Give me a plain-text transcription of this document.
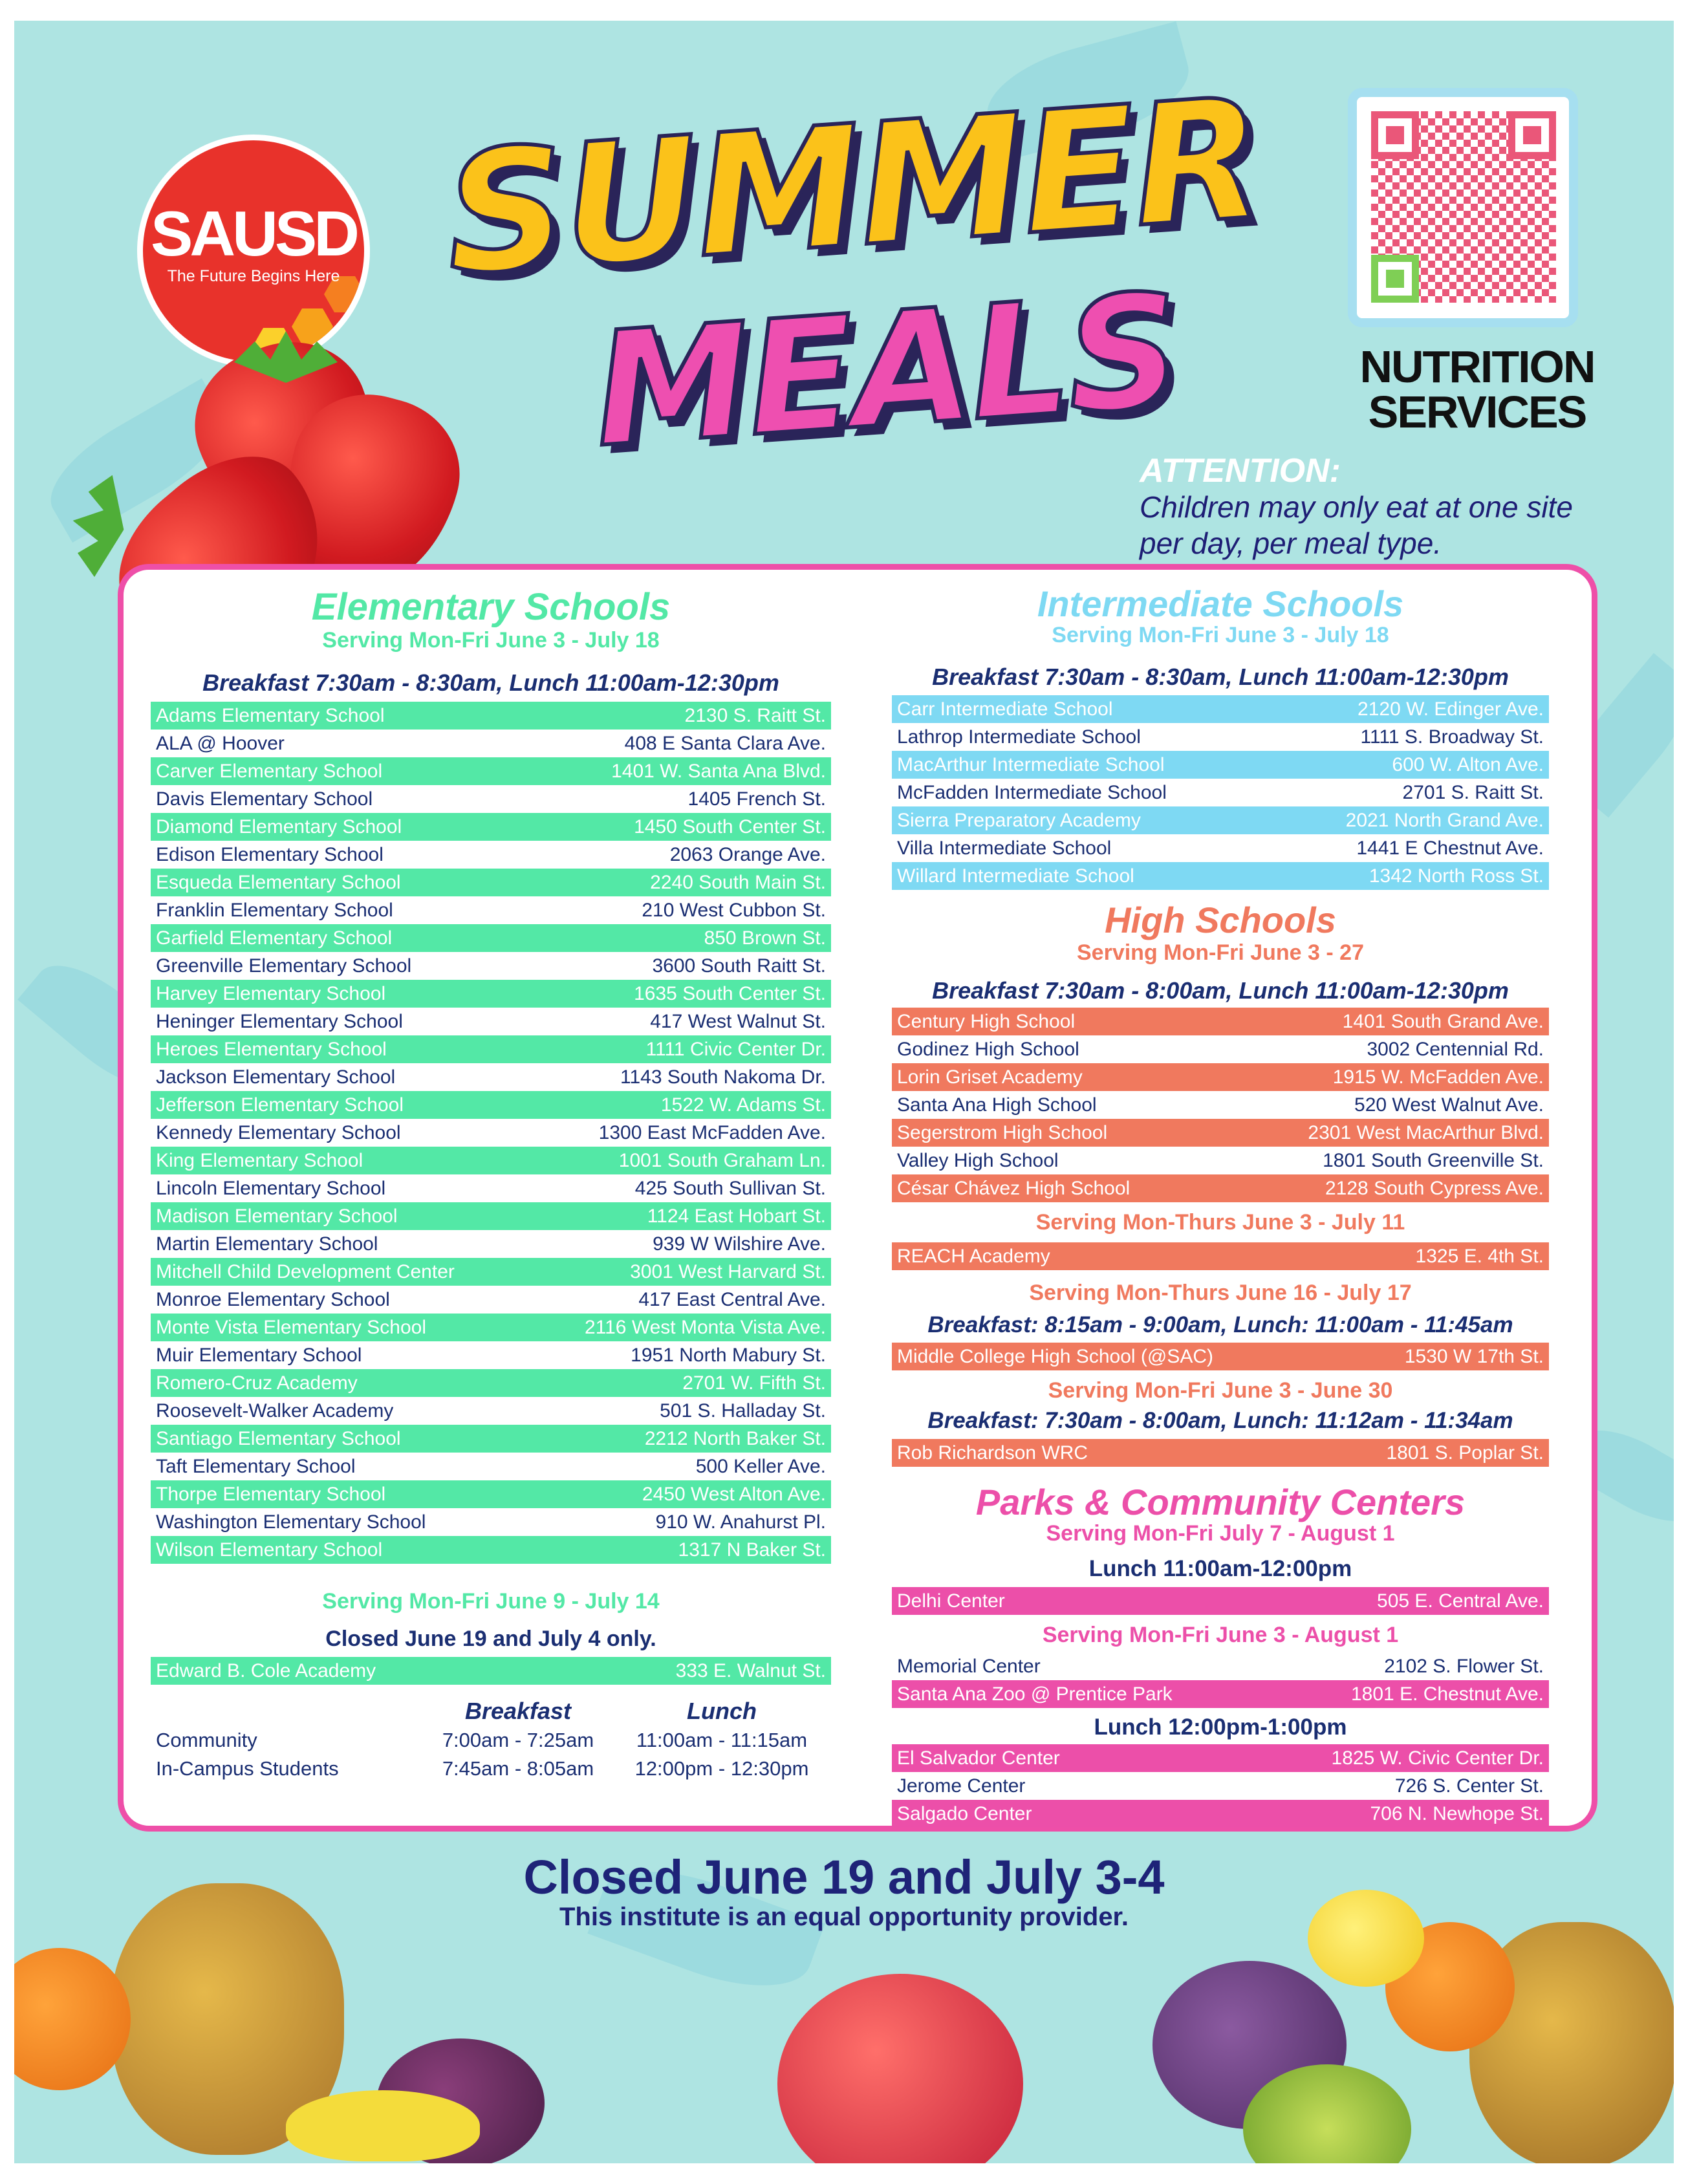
SAUSD
The Future Begins Here SUMMER
MEALS	NUTRITION
SERVICES
ATTENTION:
Children may only eat at one site per day, per meal type.
Elementary Schools
Serving Mon-Fri June 3 - July 18
Breakfast 7:30am - 8:30am, Lunch 11:00am-12:30pm
Adams Elementary School	2130 S. Raitt St.
ALA @ Hoover	408 E Santa Clara Ave.
Carver Elementary School	1401 W. Santa Ana Blvd.
Davis Elementary School	1405 French St.
Diamond Elementary School	1450 South Center St.
Edison Elementary School	2063 Orange Ave.
Esqueda Elementary School	2240 South Main St.
Franklin Elementary School	210 West Cubbon St.
Garfield Elementary School	850 Brown St.
Greenville Elementary School	3600 South Raitt St.
Harvey Elementary School	1635 South Center St.
Heninger Elementary School	417 West Walnut St.
Heroes Elementary School	1111 Civic Center Dr.
Jackson Elementary School	1143 South Nakoma Dr.
Jefferson Elementary School	1522 W. Adams St.
Kennedy Elementary School	1300 East McFadden Ave.
King Elementary School	1001 South Graham Ln.
Lincoln Elementary School	425 South Sullivan St.
Madison Elementary School	1124 East Hobart St.
Martin Elementary School	939 W Wilshire Ave.
Mitchell Child Development Center	3001 West Harvard St.
Monroe Elementary School	417 East Central Ave.
Monte Vista Elementary School	2116 West Monta Vista Ave.
Muir Elementary School	1951 North Mabury St.
Romero-Cruz Academy	2701 W. Fifth St.
Roosevelt-Walker Academy	501 S. Halladay St.
Santiago Elementary School	2212 North Baker St.
Taft Elementary School	500 Keller Ave.
Thorpe Elementary School	2450 West Alton Ave.
Washington Elementary School	910 W. Anahurst Pl.
Wilson Elementary School	1317 N Baker St.
Serving Mon-Fri June 9 - July 14
Closed June 19 and July 4 only.
Edward B. Cole Academy	333 E. Walnut St.
Breakfast	Lunch
Community	7:00am - 7:25am	11:00am - 11:15am
In-Campus Students	7:45am - 8:05am	12:00pm - 12:30pm
Intermediate Schools
Serving Mon-Fri June 3 - July 18
Breakfast 7:30am - 8:30am, Lunch 11:00am-12:30pm
Carr Intermediate School	2120 W. Edinger Ave.
Lathrop Intermediate School	1111 S. Broadway St.
MacArthur Intermediate School	600 W. Alton Ave.
McFadden Intermediate School	2701 S. Raitt St.
Sierra Preparatory Academy	2021 North Grand Ave.
Villa Intermediate School	1441 E Chestnut Ave.
Willard Intermediate School	1342 North Ross St.
High Schools
Serving Mon-Fri June 3 - 27
Breakfast 7:30am - 8:00am, Lunch 11:00am-12:30pm
Century High School	1401 South Grand Ave.
Godinez High School	3002 Centennial Rd.
Lorin Griset Academy	1915 W. McFadden Ave.
Santa Ana High School	520 West Walnut Ave.
Segerstrom High School	2301 West MacArthur Blvd.
Valley High School	1801 South Greenville St.
César Chávez High School	2128 South Cypress Ave.
Serving Mon-Thurs June 3 - July 11
REACH Academy	1325 E. 4th St.
Serving Mon-Thurs June 16 - July 17
Breakfast: 8:15am - 9:00am, Lunch: 11:00am - 11:45am
Middle College High School (@SAC)	1530 W 17th St.
Serving Mon-Fri June 3 - June 30
Breakfast: 7:30am - 8:00am, Lunch: 11:12am - 11:34am
Rob Richardson WRC	1801 S. Poplar St.
Parks & Community Centers
Serving Mon-Fri July 7 - August 1
Lunch 11:00am-12:00pm
Delhi Center	505 E. Central Ave.
Serving Mon-Fri June 3 - August 1
Memorial Center	2102 S. Flower St.
Santa Ana Zoo @ Prentice Park	1801 E. Chestnut Ave.
Lunch 12:00pm-1:00pm
El Salvador Center	1825 W. Civic Center Dr.
Jerome Center	726 S. Center St.
Salgado Center	706 N. Newhope St.
Closed June 19 and July 3-4
This institute is an equal opportunity provider.
